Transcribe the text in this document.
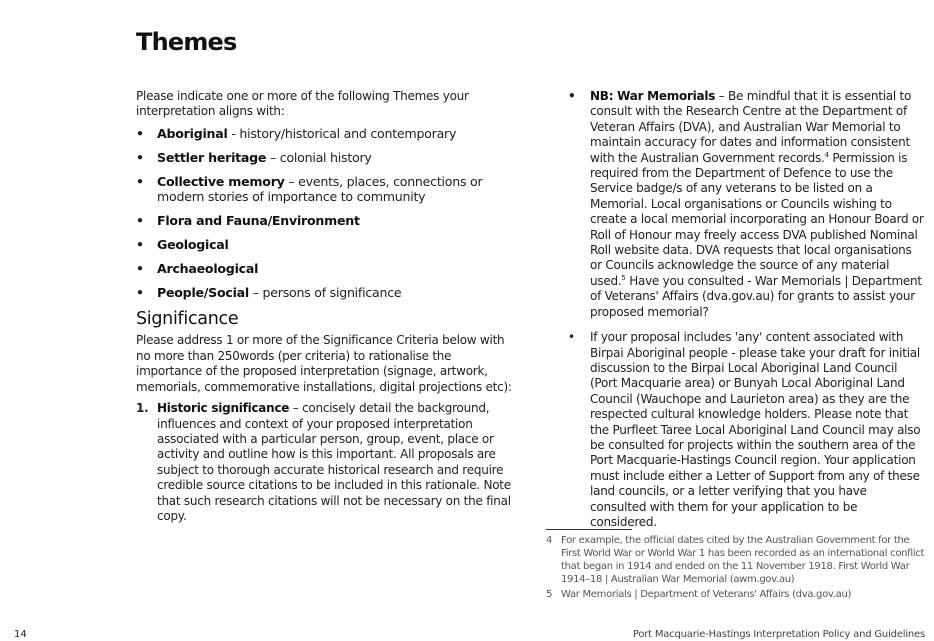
Themes

Please indicate one or more of the following Themes your interpretation aligns with:

• Aboriginal - history/historical and contemporary
• Settler heritage – colonial history
• Collective memory – events, places, connections or modern stories of importance to community
• Flora and Fauna/Environment
• Geological
• Archaeological
• People/Social – persons of significance
Significance

Please address 1 or more of the Significance Criteria below with no more than 250words (per criteria) to rationalise the importance of the proposed interpretation (signage, artwork, memorials, commemorative installations, digital projections etc):

1. Historic significance – concisely detail the background, influences and context of your proposed interpretation associated with a particular person, group, event, place or activity and outline how is this important. All proposals are subject to thorough accurate historical research and require credible source citations to be included in this rationale. Note that such research citations will not be necessary on the final copy.
• NB: War Memorials – Be mindful that it is essential to consult with the Research Centre at the Department of Veteran Affairs (DVA), and Australian War Memorial to maintain accuracy for dates and information consistent with the Australian Government records.$^4$ Permission is required from the Department of Defence to use the Service badge/s of any veterans to be listed on a Memorial. Local organisations or Councils wishing to create a local memorial incorporating an Honour Board or Roll of Honour may freely access DVA published Nominal Roll website data. DVA requests that local organisations or Councils acknowledge the source of any material used.$^5$ Have you consulted - War Memorials | Department of Veterans' Affairs (dva.gov.au) for grants to assist your proposed memorial?
• If your proposal includes 'any' content associated with Birpai Aboriginal people - please take your draft for initial discussion to the Birpai Local Aboriginal Land Council (Port Macquarie area) or Bunyah Local Aboriginal Land Council (Wauchope and Laurieton area) as they are the respected cultural knowledge holders. Please note that the Purfleet Taree Local Aboriginal Land Council may also be consulted for projects within the southern area of the Port Macquarie-Hastings Council region. Your application must include either a Letter of Support from any of these land councils, or a letter verifying that you have consulted with them for your application to be considered.
4 For example, the official dates cited by the Australian Government for the First World War or World War 1 has been recorded as an international conflict that began in 1914 and ended on the 11 November 1918. First World War 1914–18 | Australian War Memorial (awm.gov.au)
5 War Memorials | Department of Veterans' Affairs (dva.gov.au)
14	Port Macquarie-Hastings Interpretation Policy and Guidelines
